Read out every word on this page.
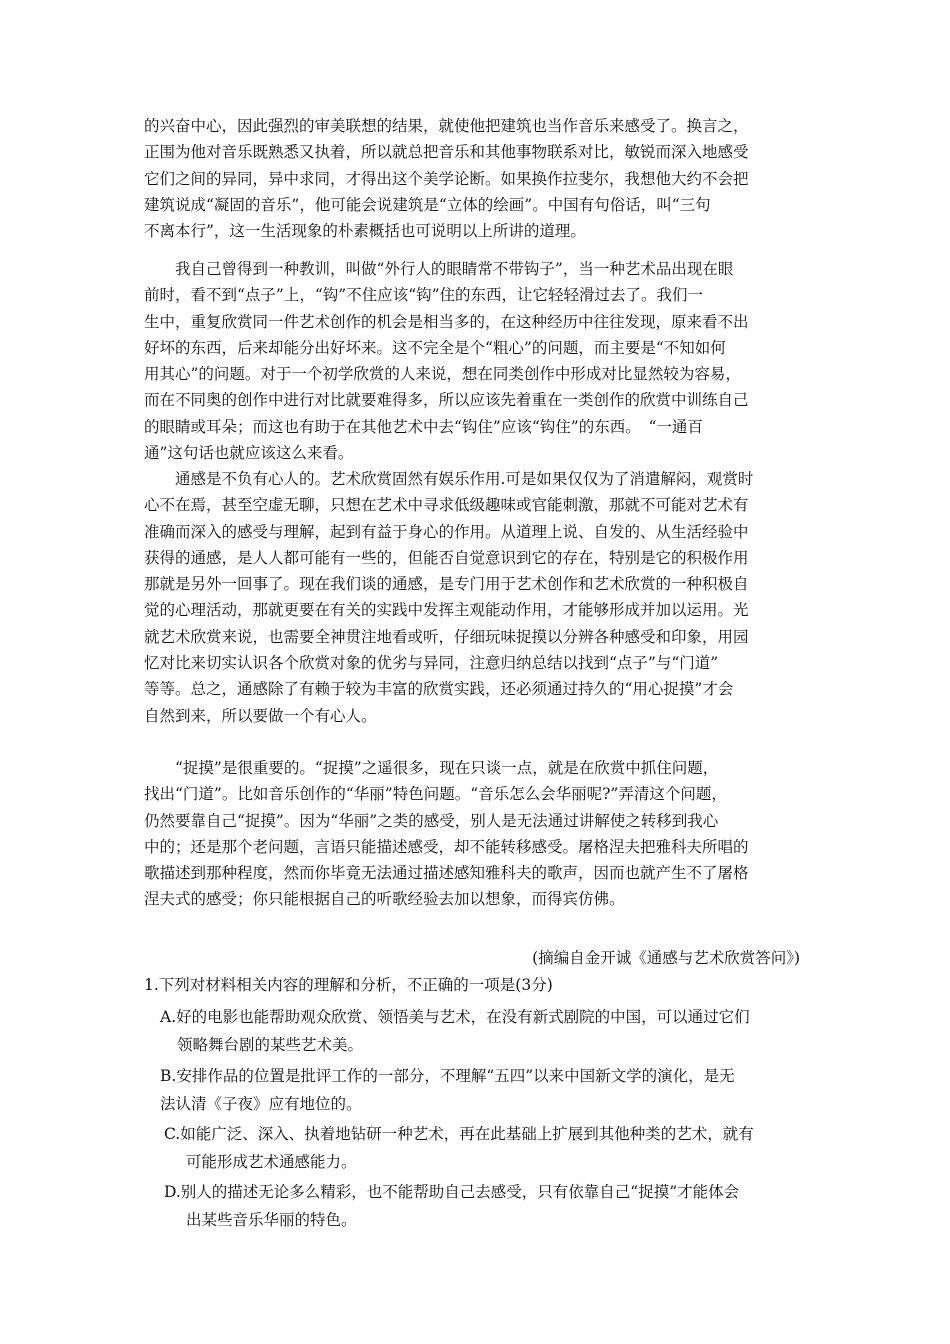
的兴奋中心，因此强烈的审美联想的结果，就使他把建筑也当作音乐来感受了。换言之，
正围为他对音乐既熟悉又执着，所以就总把音乐和其他事物联系对比，敏锐而深入地感受
它们之间的异同，异中求同，才得出这个美学论断。如果换作拉斐尔，我想他大约不会把
建筑说成“凝固的音乐”，他可能会说建筑是“立体的绘画”。中国有句俗话，叫“三句
不离本行”，这一生活现象的朴素概括也可说明以上所讲的道理。
　　我自己曾得到一种教训，叫做“外行人的眼睛常不带钩子”，当一种艺术品出现在眼
前时，看不到“点子”上，“钩”不住应该“钩”住的东西，让它轻轻滑过去了。我们一
生中，重复欣赏同一件艺术创作的机会是相当多的，在这种经历中往往发现，原来看不出
好坏的东西，后来却能分出好坏来。这不完全是个“粗心”的问题，而主要是“不知如何
用其心”的问题。对于一个初学欣赏的人来说，想在同类创作中形成对比显然较为容易，
而在不同奥的创作中进行对比就要难得多，所以应该先着重在一类创作的欣赏中训练自己
的眼睛或耳朵；而这也有助于在其他艺术中去“钩住”应该“钩住”的东西。　“一通百
通”这句话也就应该这么来看。
　　通感是不负有心人的。艺术欣赏固然有娱乐作用.可是如果仅仅为了消遣解闷，观赏时
心不在焉，甚至空虚无聊，只想在艺术中寻求低级趣味或官能刺激，那就不可能对艺术有
准确而深入的感受与理解，起到有益于身心的作用。从道理上说、自发的、从生活经验中
获得的通感，是人人都可能有一些的，但能否自觉意识到它的存在，特别是它的积极作用
那就是另外一回事了。现在我们谈的通感，是专门用于艺术创作和艺术欣赏的一种积极自
觉的心理活动，那就更要在有关的实践中发挥主观能动作用，才能够形成并加以运用。光
就艺术欣赏来说，也需要全神贯注地看或听，仔细玩味捉摸以分辨各种感受和印象，用园
忆对比来切实认识各个欣赏对象的优劣与异同，注意归纳总结以找到“点子”与“门道”
等等。总之，通感除了有赖于较为丰富的欣赏实践，还必须通过持久的“用心捉摸”才会
自然到来，所以要做一个有心人。
　　“捉摸”是很重要的。“捉摸”之遥很多，现在只谈一点，就是在欣赏中抓住问题，
找出“门道”。比如音乐创作的“华丽”特色问题。“音乐怎么会华丽呢?”弄清这个问题，
仍然要靠自己“捉摸”。因为“华丽”之类的感受，别人是无法通过讲解使之转移到我心
中的；还是那个老问题，言语只能描述感受，却不能转移感受。屠格涅夫把雅科夫所唱的
歌描述到那种程度，然而你毕竟无法通过描述感知雅科夫的歌声，因而也就产生不了屠格
涅夫式的感受；你只能根据自己的听歌经验去加以想象，而得宾仿佛。
(摘编自金开诚《通感与艺术欣赏答问》)
1.下列对材料相关内容的理解和分析，不正确的一项是(3分)
A.好的电影也能帮助观众欣赏、领悟美与艺术，在没有新式剧院的中国，可以通过它们
领略舞台剧的某些艺术美。
B.安排作品的位置是批评工作的一部分，不理解“五四”以来中国新文学的演化，是无
法认清《子夜》应有地位的。
C.如能广泛、深入、执着地钻研一种艺术，再在此基础上扩展到其他种类的艺术，就有
可能形成艺术通感能力。
D.别人的描述无论多么精彩，也不能帮助自己去感受，只有依靠自己“捉摸”才能体会
出某些音乐华丽的特色。
